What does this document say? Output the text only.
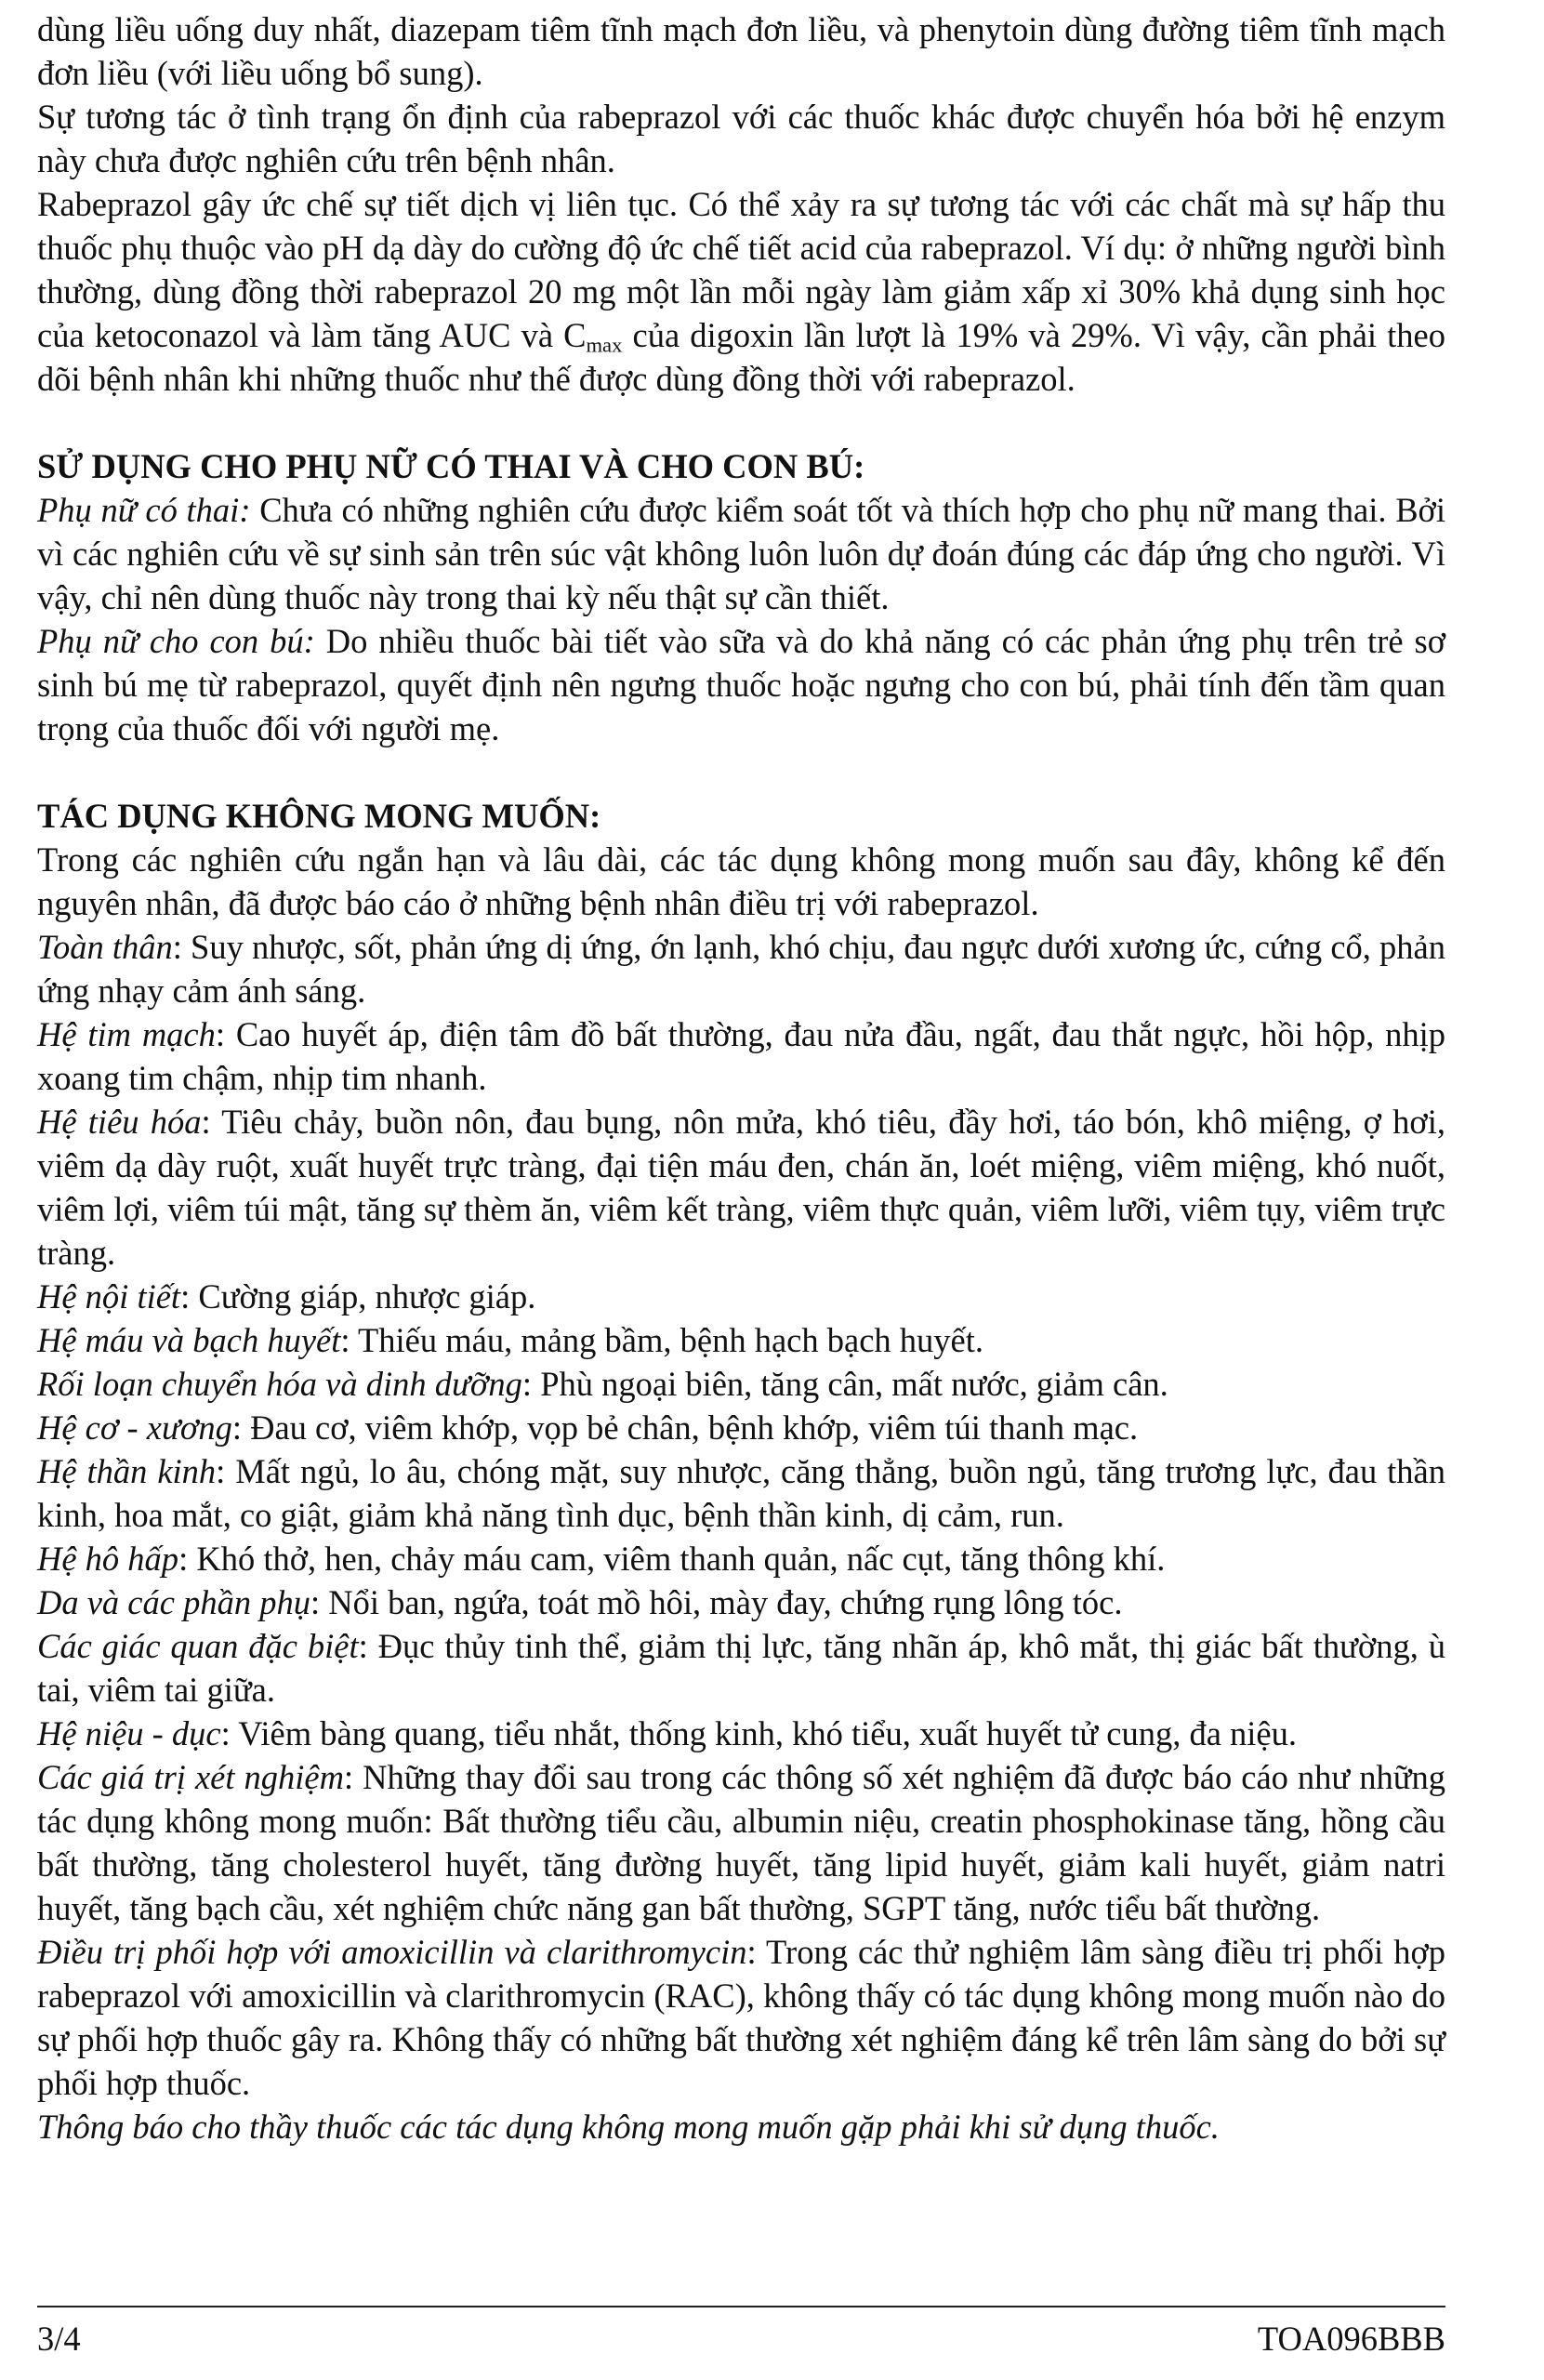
dùng liều uống duy nhất, diazepam tiêm tĩnh mạch đơn liều, và phenytoin dùng đường tiêm tĩnh mạch đơn liều (với liều uống bổ sung).

Sự tương tác ở tình trạng ổn định của rabeprazol với các thuốc khác được chuyển hóa bởi hệ enzym này chưa được nghiên cứu trên bệnh nhân.

Rabeprazol gây ức chế sự tiết dịch vị liên tục. Có thể xảy ra sự tương tác với các chất mà sự hấp thu thuốc phụ thuộc vào pH dạ dày do cường độ ức chế tiết acid của rabeprazol. Ví dụ: ở những người bình thường, dùng đồng thời rabeprazol 20 mg một lần mỗi ngày làm giảm xấp xỉ 30% khả dụng sinh học của ketoconazol và làm tăng AUC và $C_{max}$ của digoxin lần lượt là 19% và 29%. Vì vậy, cần phải theo dõi bệnh nhân khi những thuốc như thế được dùng đồng thời với rabeprazol.

SỬ DỤNG CHO PHỤ NỮ CÓ THAI VÀ CHO CON BÚ:

Phụ nữ có thai: Chưa có những nghiên cứu được kiểm soát tốt và thích hợp cho phụ nữ mang thai. Bởi vì các nghiên cứu về sự sinh sản trên súc vật không luôn luôn dự đoán đúng các đáp ứng cho người. Vì vậy, chỉ nên dùng thuốc này trong thai kỳ nếu thật sự cần thiết.

Phụ nữ cho con bú: Do nhiều thuốc bài tiết vào sữa và do khả năng có các phản ứng phụ trên trẻ sơ sinh bú mẹ từ rabeprazol, quyết định nên ngưng thuốc hoặc ngưng cho con bú, phải tính đến tầm quan trọng của thuốc đối với người mẹ.

TÁC DỤNG KHÔNG MONG MUỐN:

Trong các nghiên cứu ngắn hạn và lâu dài, các tác dụng không mong muốn sau đây, không kể đến nguyên nhân, đã được báo cáo ở những bệnh nhân điều trị với rabeprazol.

Toàn thân: Suy nhược, sốt, phản ứng dị ứng, ớn lạnh, khó chịu, đau ngực dưới xương ức, cứng cổ, phản ứng nhạy cảm ánh sáng.

Hệ tim mạch: Cao huyết áp, điện tâm đồ bất thường, đau nửa đầu, ngất, đau thắt ngực, hồi hộp, nhịp xoang tim chậm, nhịp tim nhanh.

Hệ tiêu hóa: Tiêu chảy, buồn nôn, đau bụng, nôn mửa, khó tiêu, đầy hơi, táo bón, khô miệng, ợ hơi, viêm dạ dày ruột, xuất huyết trực tràng, đại tiện máu đen, chán ăn, loét miệng, viêm miệng, khó nuốt, viêm lợi, viêm túi mật, tăng sự thèm ăn, viêm kết tràng, viêm thực quản, viêm lưỡi, viêm tụy, viêm trực tràng.

Hệ nội tiết: Cường giáp, nhược giáp.

Hệ máu và bạch huyết: Thiếu máu, mảng bầm, bệnh hạch bạch huyết.

Rối loạn chuyển hóa và dinh dưỡng: Phù ngoại biên, tăng cân, mất nước, giảm cân.

Hệ cơ - xương: Đau cơ, viêm khớp, vọp bẻ chân, bệnh khớp, viêm túi thanh mạc.

Hệ thần kinh: Mất ngủ, lo âu, chóng mặt, suy nhược, căng thẳng, buồn ngủ, tăng trương lực, đau thần kinh, hoa mắt, co giật, giảm khả năng tình dục, bệnh thần kinh, dị cảm, run.

Hệ hô hấp: Khó thở, hen, chảy máu cam, viêm thanh quản, nấc cụt, tăng thông khí.

Da và các phần phụ: Nổi ban, ngứa, toát mồ hôi, mày đay, chứng rụng lông tóc.

Các giác quan đặc biệt: Đục thủy tinh thể, giảm thị lực, tăng nhãn áp, khô mắt, thị giác bất thường, ù tai, viêm tai giữa.

Hệ niệu - dục: Viêm bàng quang, tiểu nhắt, thống kinh, khó tiểu, xuất huyết tử cung, đa niệu.

Các giá trị xét nghiệm: Những thay đổi sau trong các thông số xét nghiệm đã được báo cáo như những tác dụng không mong muốn: Bất thường tiểu cầu, albumin niệu, creatin phosphokinase tăng, hồng cầu bất thường, tăng cholesterol huyết, tăng đường huyết, tăng lipid huyết, giảm kali huyết, giảm natri huyết, tăng bạch cầu, xét nghiệm chức năng gan bất thường, SGPT tăng, nước tiểu bất thường.

Điều trị phối hợp với amoxicillin và clarithromycin: Trong các thử nghiệm lâm sàng điều trị phối hợp rabeprazol với amoxicillin và clarithromycin (RAC), không thấy có tác dụng không mong muốn nào do sự phối hợp thuốc gây ra. Không thấy có những bất thường xét nghiệm đáng kể trên lâm sàng do bởi sự phối hợp thuốc.

Thông báo cho thầy thuốc các tác dụng không mong muốn gặp phải khi sử dụng thuốc.

3/4	TOA096BBB
